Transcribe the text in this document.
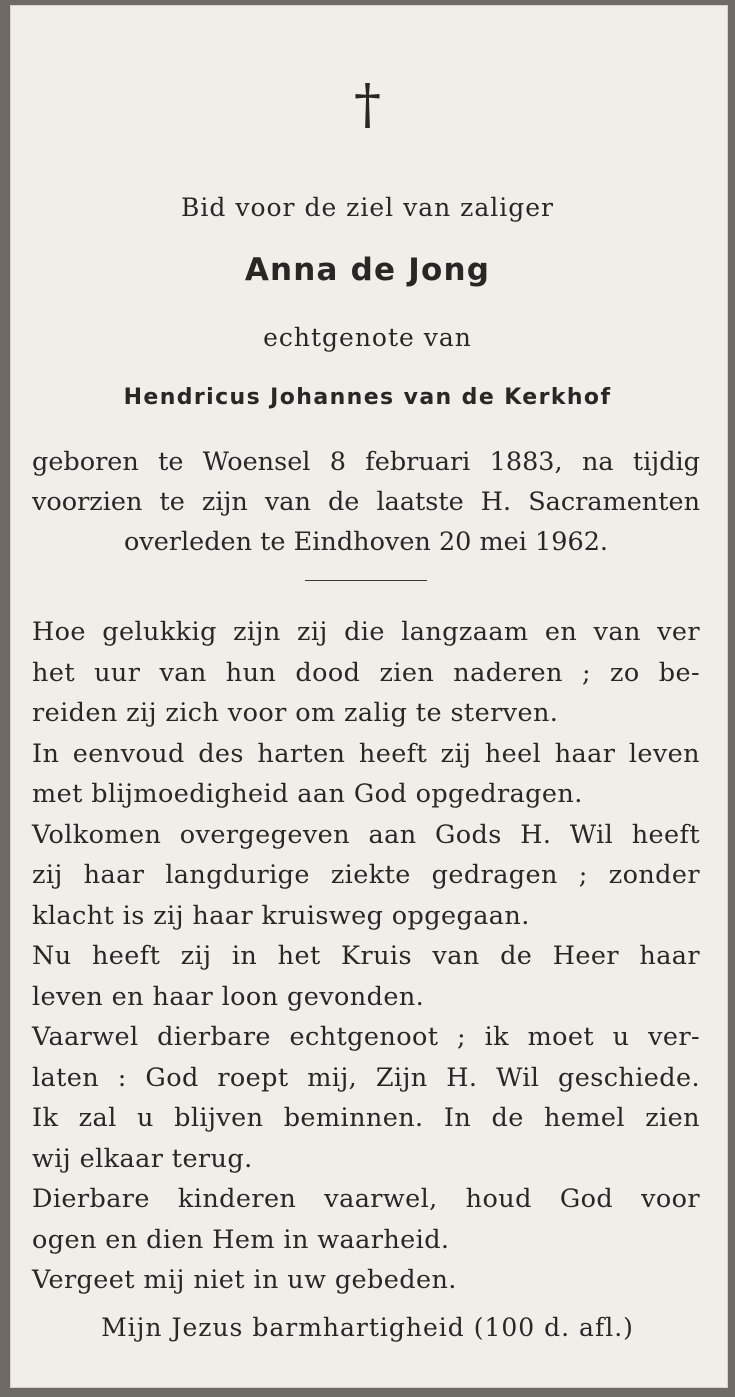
†
Bid voor de ziel van zaliger
Anna de Jong
echtgenote van
Hendricus Johannes van de Kerkhof
geboren te Woensel 8 februari 1883, na tijdig
voorzien te zijn van de laatste H. Sacramenten
overleden te Eindhoven 20 mei 1962.
Hoe gelukkig zijn zij die langzaam en van ver
het uur van hun dood zien naderen ; zo be-
reiden zij zich voor om zalig te sterven.
In eenvoud des harten heeft zij heel haar leven
met blijmoedigheid aan God opgedragen.
Volkomen overgegeven aan Gods H. Wil heeft
zij haar langdurige ziekte gedragen ; zonder
klacht is zij haar kruisweg opgegaan.
Nu heeft zij in het Kruis van de Heer haar
leven en haar loon gevonden.
Vaarwel dierbare echtgenoot ; ik moet u ver-
laten : God roept mij, Zijn H. Wil geschiede.
Ik zal u blijven beminnen. In de hemel zien
wij elkaar terug.
Dierbare kinderen vaarwel, houd God voor
ogen en dien Hem in waarheid.
Vergeet mij niet in uw gebeden.
Mijn Jezus barmhartigheid (100 d. afl.)
